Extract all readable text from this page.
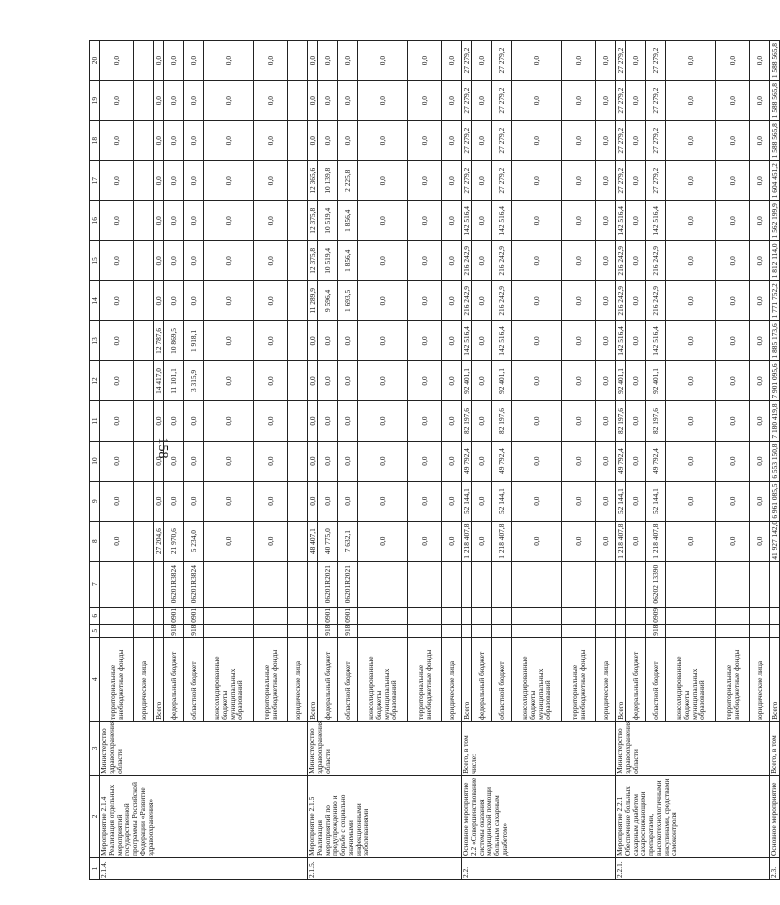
158
1	2	3	4	5	6	7	8	9	10	11	12	13	14	15	16	17	18	19	20
2.1.4.	Мероприятие 2.1.4 Реализация отдельных мероприятий государственной программы Российской Федерации «Развитие здравоохранения»	Министерство здравоохранения области	территориальные внебюджетные фонды				0,0	0,0	0,0	0,0	0,0	0,0	0,0	0,0	0,0	0,0	0,0	0,0	0,0
			юридические лица																
			Всего				27 204,6	0,0	0,0	0,0	14 417,0	12 787,6	0,0	0,0	0,0	0,0	0,0	0,0	0,0
			федеральный бюджет	918	0901	06201R3824	21 970,6	0,0	0,0	0,0	11 101,1	10 869,5	0,0	0,0	0,0	0,0	0,0	0,0	0,0
			областной бюджет	918	0901	06201R3824	5 234,0	0,0	0,0	0,0	3 315,9	1 918,1	0,0	0,0	0,0	0,0	0,0	0,0	0,0
			консолидированные бюджеты муниципальных образований				0,0	0,0	0,0	0,0	0,0	0,0	0,0	0,0	0,0	0,0	0,0	0,0	0,0
			территориальные внебюджетные фонды				0,0	0,0	0,0	0,0	0,0	0,0	0,0	0,0	0,0	0,0	0,0	0,0	0,0
			юридические лица																
2.1.5.	Мероприятие 2.1.5 Реализация мероприятий по предупреждению и борьбе с социально значимыми инфекционными заболеваниями	Министерство здравоохранения области	Всего				48 407,1	0,0	0,0	0,0	0,0	0,0	11 289,9	12 375,8	12 375,8	12 365,6	0,0	0,0	0,0
			федеральный бюджет	918	0901	06201R2021	40 775,0	0,0	0,0	0,0	0,0	0,0	9 596,4	10 519,4	10 519,4	10 139,8	0,0	0,0	0,0
			областной бюджет	918	0901	06201R2021	7 632,1	0,0	0,0	0,0	0,0	0,0	1 693,5	1 856,4	1 856,4	2 225,8	0,0	0,0	0,0
			консолидированные бюджеты муниципальных образований				0,0	0,0	0,0	0,0	0,0	0,0	0,0	0,0	0,0	0,0	0,0	0,0	0,0
			территориальные внебюджетные фонды				0,0	0,0	0,0	0,0	0,0	0,0	0,0	0,0	0,0	0,0	0,0	0,0	0,0
			юридические лица				0,0	0,0	0,0	0,0	0,0	0,0	0,0	0,0	0,0	0,0	0,0	0,0	0,0
2.2.	Основное мероприятие 2.2 «Совершенствование системы оказания медицинской помощи больным сахарным диабетом»	Всего, в том числе:	Всего				1 218 407,8	52 144,1	49 792,4	82 197,6	92 401,1	142 516,4	216 242,9	216 242,9	142 516,4	27 279,2	27 279,2	27 279,2	27 279,2
			федеральный бюджет				0,0	0,0	0,0	0,0	0,0	0,0	0,0	0,0	0,0	0,0	0,0	0,0	0,0
			областной бюджет				1 218 407,8	52 144,1	49 792,4	82 197,6	92 401,1	142 516,4	216 242,9	216 242,9	142 516,4	27 279,2	27 279,2	27 279,2	27 279,2
			консолидированные бюджеты муниципальных образований				0,0	0,0	0,0	0,0	0,0	0,0	0,0	0,0	0,0	0,0	0,0	0,0	0,0
			территориальные внебюджетные фонды				0,0	0,0	0,0	0,0	0,0	0,0	0,0	0,0	0,0	0,0	0,0	0,0	0,0
			юридические лица				0,0	0,0	0,0	0,0	0,0	0,0	0,0	0,0	0,0	0,0	0,0	0,0	0,0
2.2.1.	Мероприятие 2.2.1 Обеспечение больных сахарным диабетом сахароснижающими препаратами, высокотехнологичными инсулинами, средствами самоконтроля	Министерство здравоохранения области	Всего				1 218 407,8	52 144,1	49 792,4	82 197,6	92 401,1	142 516,4	216 242,9	216 242,9	142 516,4	27 279,2	27 279,2	27 279,2	27 279,2
			федеральный бюджет				0,0	0,0	0,0	0,0	0,0	0,0	0,0	0,0	0,0	0,0	0,0	0,0	0,0
			областной бюджет	918	0909	06202 13390	1 218 407,8	52 144,1	49 792,4	82 197,6	92 401,1	142 516,4	216 242,9	216 242,9	142 516,4	27 279,2	27 279,2	27 279,2	27 279,2
			консолидированные бюджеты муниципальных образований				0,0	0,0	0,0	0,0	0,0	0,0	0,0	0,0	0,0	0,0	0,0	0,0	0,0
			территориальные внебюджетные фонды				0,0	0,0	0,0	0,0	0,0	0,0	0,0	0,0	0,0	0,0	0,0	0,0	0,0
			юридические лица				0,0	0,0	0,0	0,0	0,0	0,0	0,0	0,0	0,0	0,0	0,0	0,0	0,0
2.3.	Основное мероприятие	Всего, в том	Всего				41 927 142,0	6 961 085,5	6 553 150,8	7 180 419,8	7 901 095,6	1 885 173,6	1 771 752,2	1 812 114,0	1 562 199,9	1 604 451,2	1 588 565,8	1 588 565,8	1 588 565,8
